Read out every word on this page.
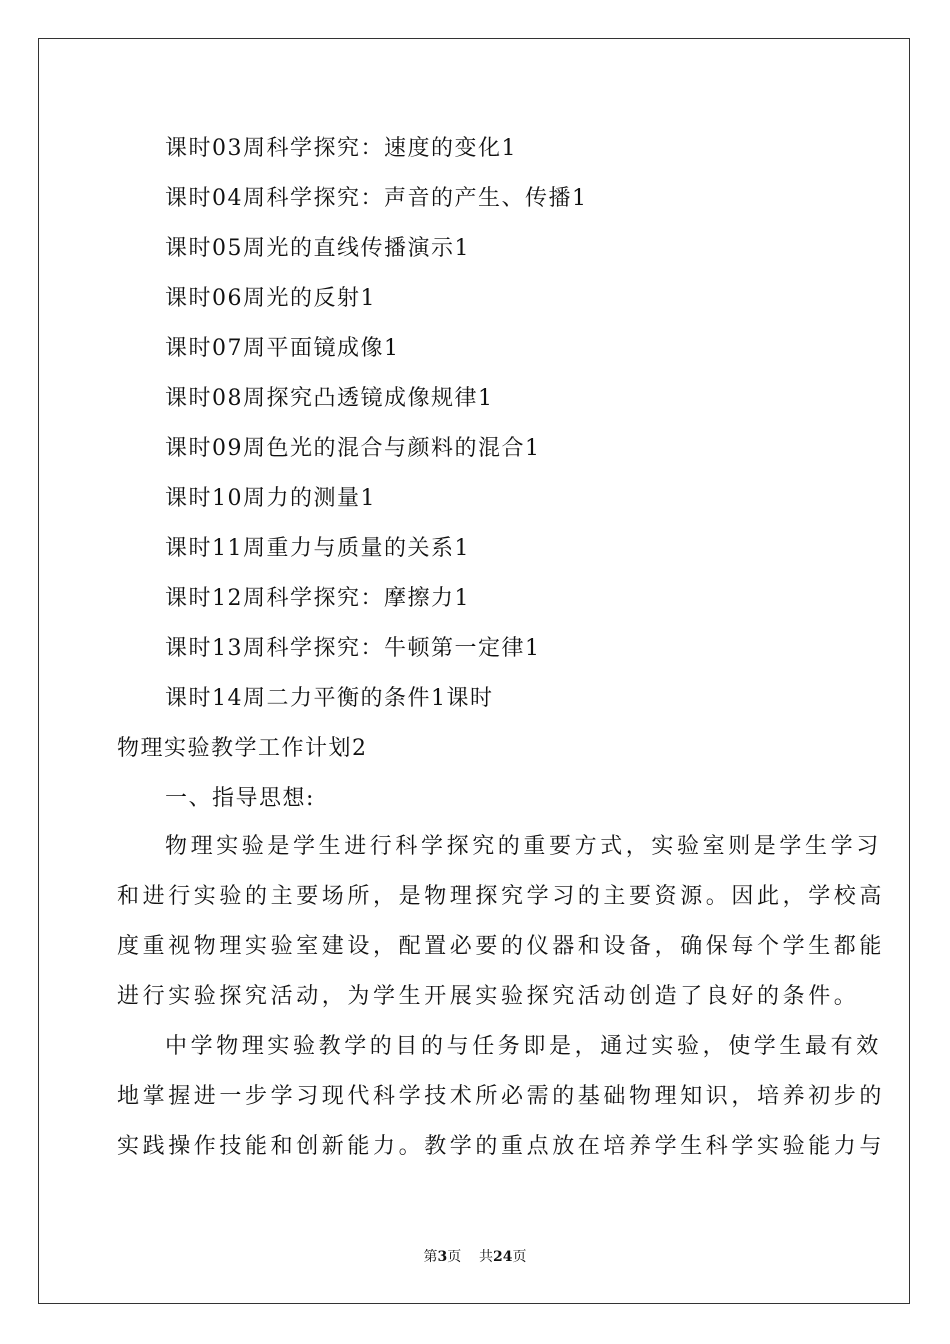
课时03周科学探究：速度的变化1
课时04周科学探究：声音的产生、传播1
课时05周光的直线传播演示1
课时06周光的反射1
课时07周平面镜成像1
课时08周探究凸透镜成像规律1
课时09周色光的混合与颜料的混合1
课时10周力的测量1
课时11周重力与质量的关系1
课时12周科学探究：摩擦力1
课时13周科学探究：牛顿第一定律1
课时14周二力平衡的条件1课时
物理实验教学工作计划2
一、指导思想:
物理实验是学生进行科学探究的重要方式，实验室则是学生学习
和进行实验的主要场所，是物理探究学习的主要资源。因此，学校高
度重视物理实验室建设，配置必要的仪器和设备，确保每个学生都能
进行实验探究活动，为学生开展实验探究活动创造了良好的条件。
中学物理实验教学的目的与任务即是，通过实验，使学生最有效
地掌握进一步学习现代科学技术所必需的基础物理知识，培养初步的
实践操作技能和创新能力。教学的重点放在培养学生科学实验能力与
第3页 共24页
